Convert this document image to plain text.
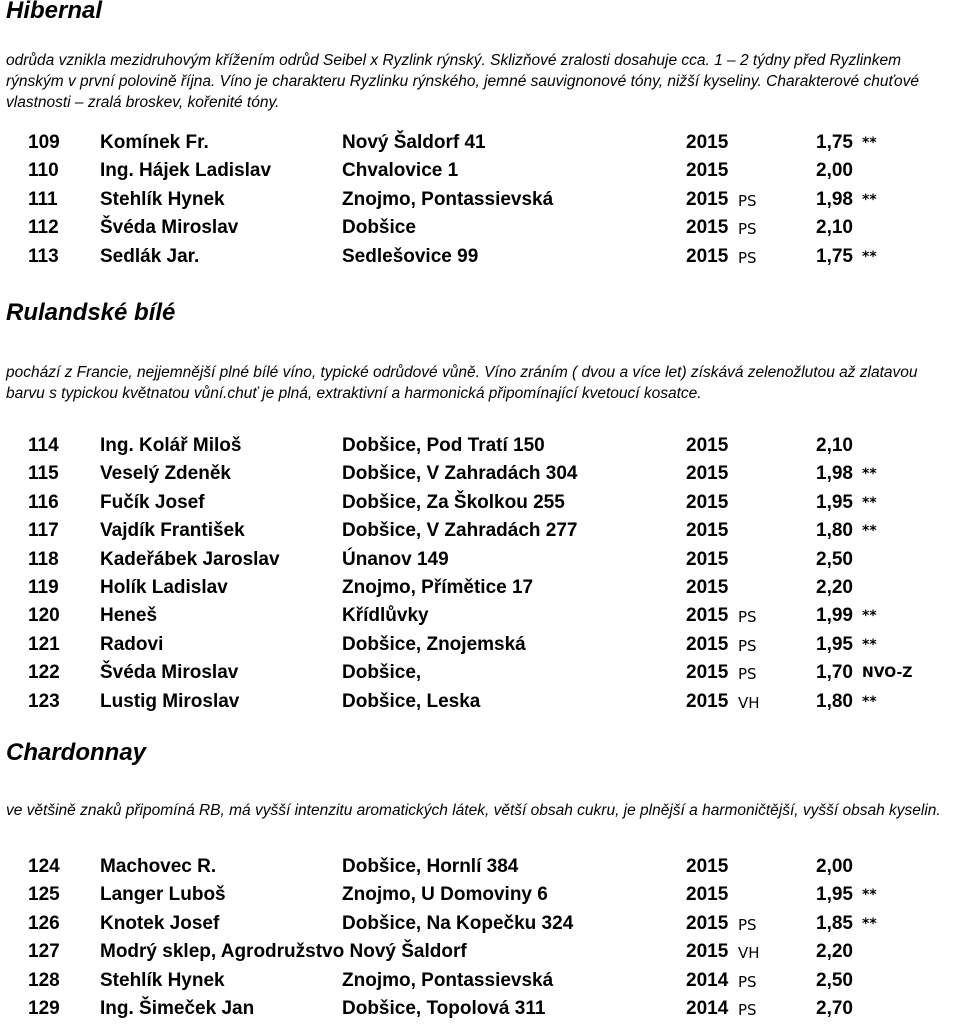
Hibernal

odrůda vznikla mezidruhovým křížením odrůd Seibel x Ryzlink rýnský. Sklizňové zralosti dosahuje cca. 1 – 2 týdny před Ryzlinkem rýnským v první polovině října. Víno je charakteru Ryzlinku rýnského, jemné sauvignonové tóny, nižší kyseliny. Charakterové chuťové vlastnosti – zralá broskev, kořenité tóny.

109 Komínek Fr.	Nový Šaldorf 41	2015	1,75 **
110 Ing. Hájek Ladislav	Chvalovice 1	2015	2,00
111 Stehlík Hynek	Znojmo, Pontassievská	2015 PS	1,98 **
112 Švéda Miroslav	Dobšice	2015 PS	2,10
113 Sedlák Jar.	Sedlešovice 99	2015 PS	1,75 **
Rulandské bílé

pochází z Francie, nejjemnější plné bílé víno, typické odrůdové vůně. Víno zráním ( dvou a více let) získává zelenožlutou až zlatavou barvu s typickou květnatou vůní.chuť je plná, extraktivní a harmonická připomínající kvetoucí kosatce.

114 Ing. Kolář Miloš	Dobšice, Pod Tratí 150	2015	2,10
115 Veselý Zdeněk	Dobšice, V Zahradách 304	2015	1,98 **
116 Fučík Josef	Dobšice, Za Školkou 255	2015	1,95 **
117 Vajdík František	Dobšice, V Zahradách 277	2015	1,80 **
118 Kadeřábek Jaroslav	Únanov 149	2015	2,50
119 Holík Ladislav	Znojmo, Přímětice 17	2015	2,20
120 Heneš	Křídlůvky	2015 PS	1,99 **
121 Radovi	Dobšice, Znojemská	2015 PS	1,95 **
122 Švéda Miroslav	Dobšice,	2015 PS	1,70 NVO-Z
123 Lustig Miroslav	Dobšice, Leska	2015 VH	1,80 **
Chardonnay

ve většině znaků připomíná RB, má vyšší intenzitu aromatických látek, větší obsah cukru, je plnější a harmoničtější, vyšší obsah kyselin.

124 Machovec R.	Dobšice, Hornlí 384	2015	2,00
125 Langer Luboš	Znojmo, U Domoviny 6	2015	1,95 **
126 Knotek Josef	Dobšice, Na Kopečku 324	2015 PS	1,85 **
127 Modrý sklep, Agrodružstvo Nový Šaldorf	2015 VH	2,20
128 Stehlík Hynek	Znojmo, Pontassievská	2014 PS	2,50
129 Ing. Šimeček Jan	Dobšice, Topolová 311	2014 PS	2,70
